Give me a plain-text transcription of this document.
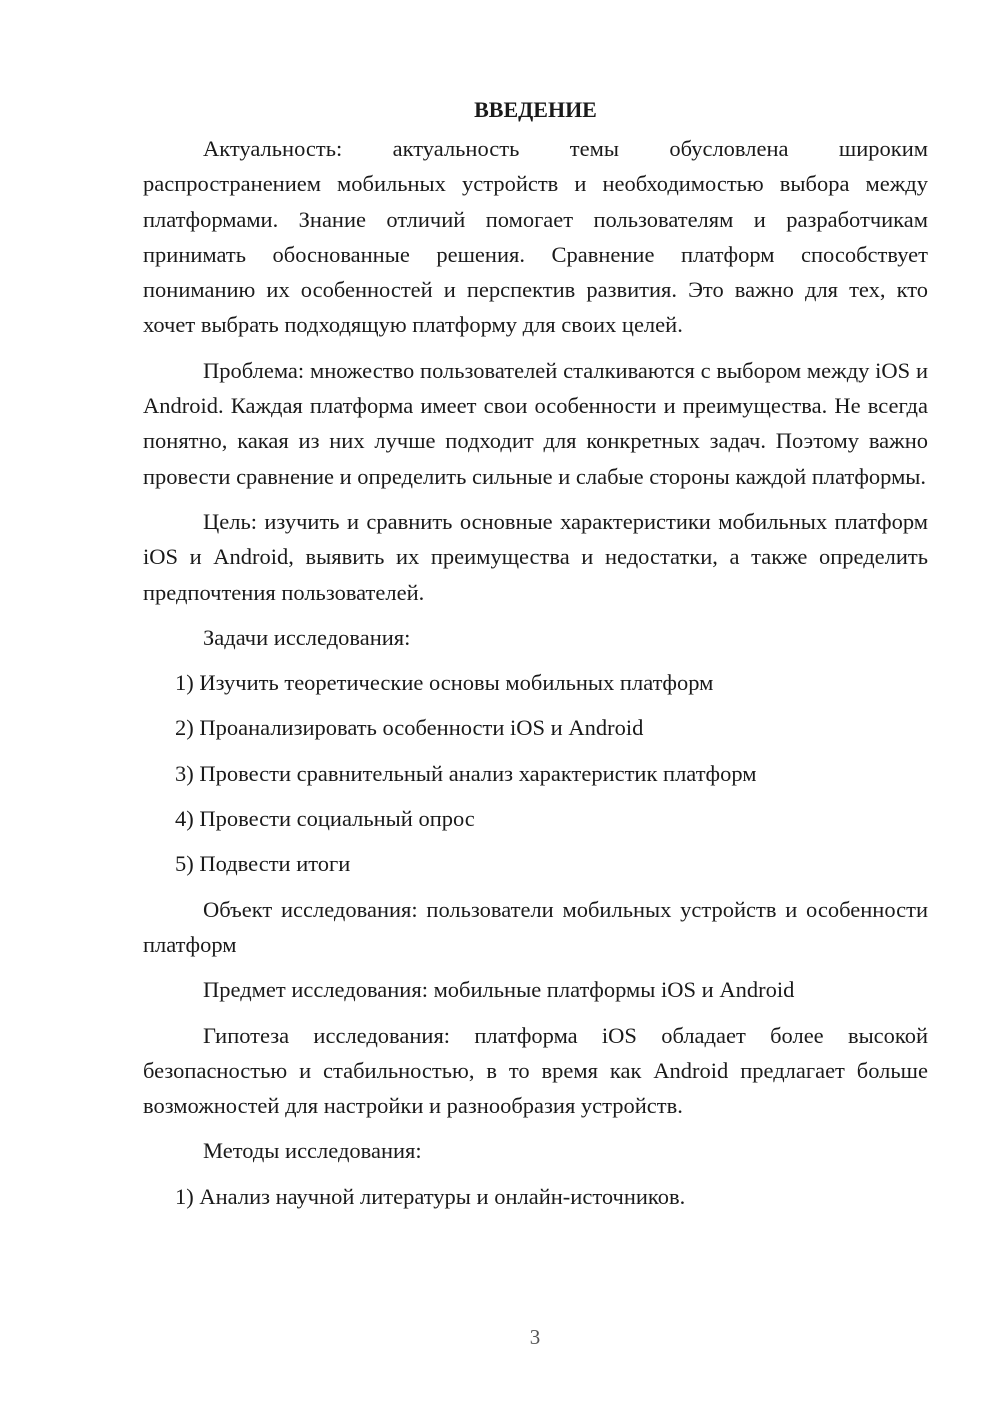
ВВЕДЕНИЕ

Актуальность: актуальность темы обусловлена широким распространением мобильных устройств и необходимостью выбора между платформами. Знание отличий помогает пользователям и разработчикам принимать обоснованные решения. Сравнение платформ способствует пониманию их особенностей и перспектив развития. Это важно для тех, кто хочет выбрать подходящую платформу для своих целей.

Проблема: множество пользователей сталкиваются с выбором между iOS и Android. Каждая платформа имеет свои особенности и преимущества. Не всегда понятно, какая из них лучше подходит для конкретных задач. Поэтому важно провести сравнение и определить сильные и слабые стороны каждой платформы.

Цель: изучить и сравнить основные характеристики мобильных платформ iOS и Android, выявить их преимущества и недостатки, а также определить предпочтения пользователей.

Задачи исследования:
1) Изучить теоретические основы мобильных платформ
2) Проанализировать особенности iOS и Android
3) Провести сравнительный анализ характеристик платформ
4) Провести социальный опрос
5) Подвести итоги

Объект исследования: пользователи мобильных устройств и особенности платформ

Предмет исследования: мобильные платформы iOS и Android

Гипотеза исследования: платформа iOS обладает более высокой безопасностью и стабильностью, в то время как Android предлагает больше возможностей для настройки и разнообразия устройств.

Методы исследования:
1) Анализ научной литературы и онлайн-источников.
3
